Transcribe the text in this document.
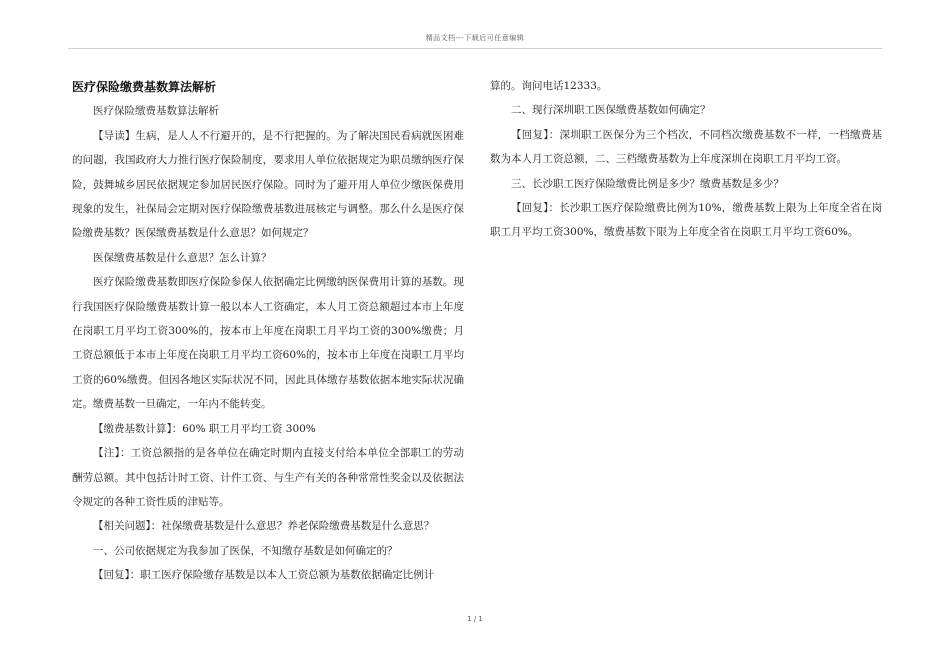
精品文档---下载后可任意编辑

医疗保险缴费基数算法解析

医疗保险缴费基数算法解析

【导读】生病，是人人不行避开的，是不行把握的。为了解决国民看病就医困难的问题，我国政府大力推行医疗保险制度，要求用人单位依据规定为职员缴纳医疗保险，鼓舞城乡居民依据规定参加居民医疗保险。同时为了避开用人单位少缴医保费用现象的发生，社保局会定期对医疗保险缴费基数进展核定与调整。那么什么是医疗保险缴费基数？医保缴费基数是什么意思？如何规定？

医保缴费基数是什么意思？怎么计算？

医疗保险缴费基数即医疗保险参保人依据确定比例缴纳医保费用计算的基数。现行我国医疗保险缴费基数计算一般以本人工资确定，本人月工资总额超过本市上年度在岗职工月平均工资300%的，按本市上年度在岗职工月平均工资的300%缴费；月工资总额低于本市上年度在岗职工月平均工资60%的，按本市上年度在岗职工月平均工资的60%缴费。但因各地区实际状况不同，因此具体缴存基数依据本地实际状况确定。缴费基数一旦确定，一年内不能转变。

【缴费基数计算】：60% 职工月平均工资 300%

【注】：工资总额指的是各单位在确定时期内直接支付给本单位全部职工的劳动酬劳总额。其中包括计时工资、计件工资、与生产有关的各种常常性奖金以及依据法令规定的各种工资性质的津贴等。

【相关问题】：社保缴费基数是什么意思？养老保险缴费基数是什么意思？

一、公司依据规定为我参加了医保，不知缴存基数是如何确定的？

【回复】：职工医疗保险缴存基数是以本人工资总额为基数依据确定比例计

算的。询问电话12333。

二、现行深圳职工医保缴费基数如何确定？

【回复】：深圳职工医保分为三个档次，不同档次缴费基数不一样，一档缴费基数为本人月工资总额，二、三档缴费基数为上年度深圳在岗职工月平均工资。

三、长沙职工医疗保险缴费比例是多少？缴费基数是多少？

【回复】：长沙职工医疗保险缴费比例为10%，缴费基数上限为上年度全省在岗职工月平均工资300%，缴费基数下限为上年度全省在岗职工月平均工资60%。

1 / 1
